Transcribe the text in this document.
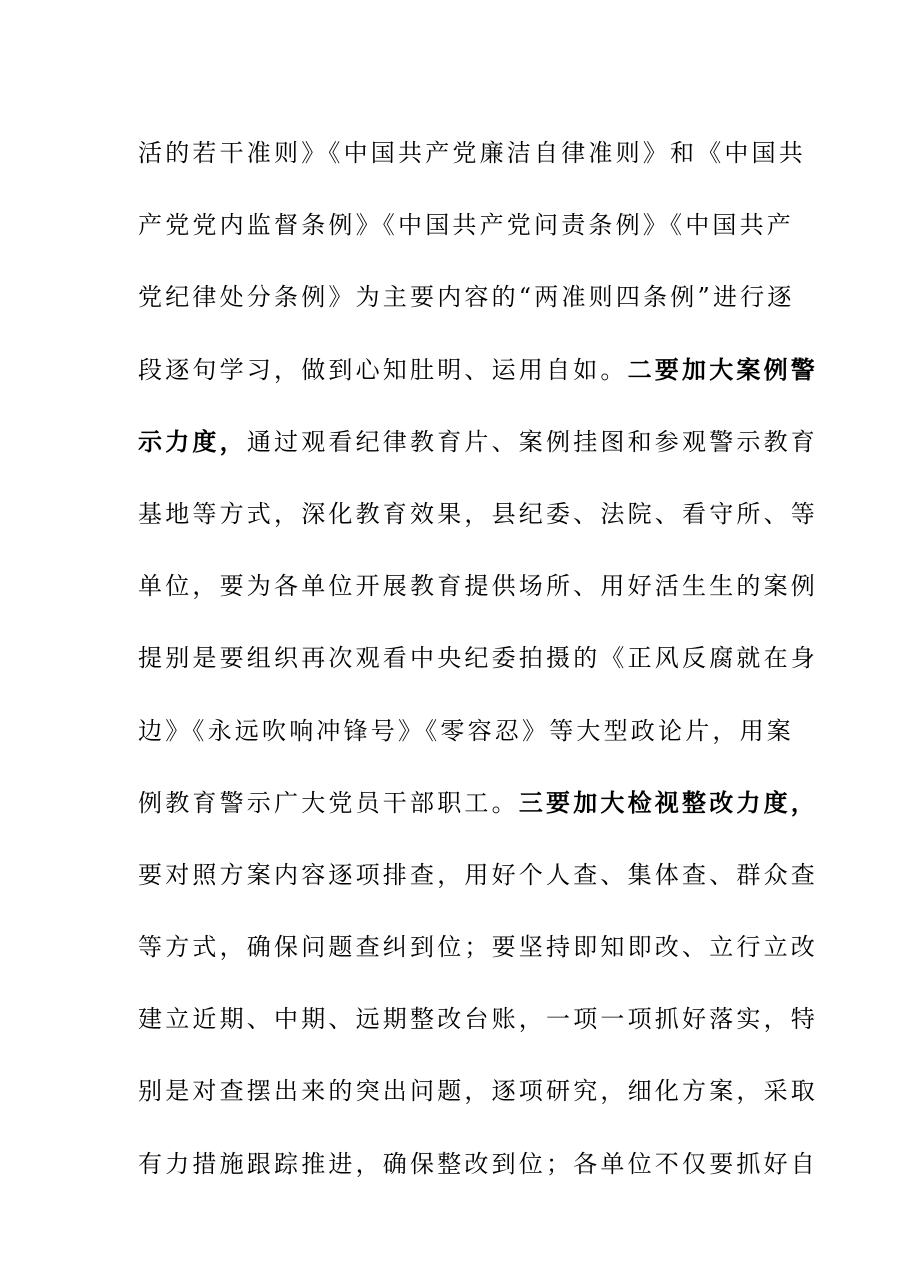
活的若干准则》《中国共产党廉洁自律准则》和《中国共
产党党内监督条例》《中国共产党问责条例》《中国共产
党纪律处分条例》为主要内容的“两准则四条例”进行逐
段逐句学习，做到心知肚明、运用自如。二要加大案例警
示力度，通过观看纪律教育片、案例挂图和参观警示教育
基地等方式，深化教育效果，县纪委、法院、看守所、等
单位，要为各单位开展教育提供场所、用好活生生的案例
提别是要组织再次观看中央纪委拍摄的《正风反腐就在身
边》《永远吹响冲锋号》《零容忍》等大型政论片，用案
例教育警示广大党员干部职工。三要加大检视整改力度，
要对照方案内容逐项排查，用好个人查、集体查、群众查
等方式，确保问题查纠到位；要坚持即知即改、立行立改
建立近期、中期、远期整改台账，一项一项抓好落实，特
别是对查摆出来的突出问题，逐项研究，细化方案，采取
有力措施跟踪推进，确保整改到位；各单位不仅要抓好自
